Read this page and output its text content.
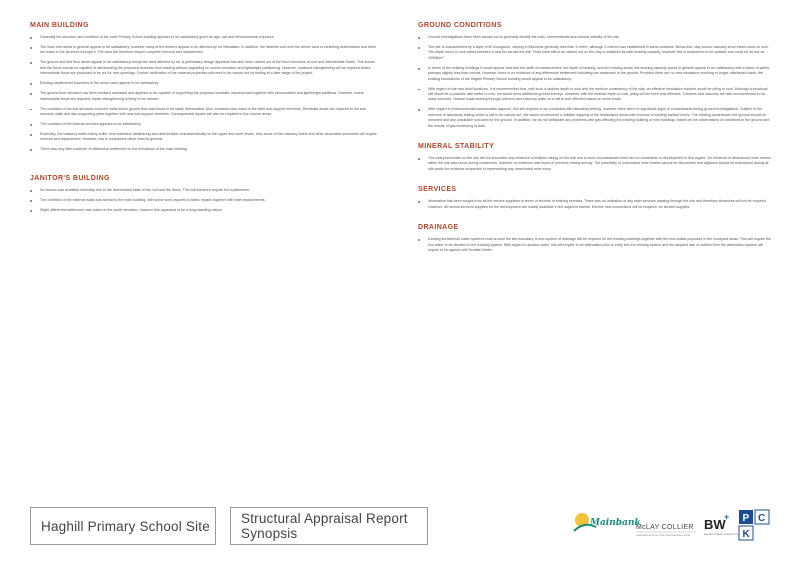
MAIN BUILDING
Generally the structure and condition of the main Primary School building appears to be satisfactory given its age, use and environmental exposure.
The main roof areas in general appear to be satisfactory, however many of the timbers appear to be affected by rot infestation. In addition, the fastener roof over the annex area is exhibiting deterioration and there are leaks to the structure through it. The area will therefore require complete removal and replacement.
The ground and first floor areas appear to be satisfactory except the area affected by rot. A preliminary design appraisal has also been carried out of the floor structures at roof and intermediate levels. This shows that the floors should be capable of withstanding the proposed domestic floor loading without upgrading for sound insulation and lightweight partitioning. However, localised strengthening will be required where intermediate floors are proposed to be cut for new openings. Further verification of the material properties will need to be carried out by testing at a later stage of the project.
Existing cantilevered balconies to the annex area appear to be satisfactory.
The ground floor structure has been similarly assessed and appears to be capable of supporting the proposed domestic imposed load together with demountable and lightweight partitions. However, where intermediate floors are required, repair strengthening is likely to be needed.
The condition of the sub-structure concrete walls below ground floor was found to be badly deteriorated. Also, corrosion was noted in the steel sub-support elements. Remedial works are required to the sub-structure walls and also supporting piers together with new sub-support elements. Consequential repairs will also be required to the column areas.
The condition of the internal services appears to be satisfactory.
Externally, the masonry walls mainly suffer from extensive weathering and deterioration characteristically on the upper and lower levels. Also some of the masonry lintels and other decorative stonework will require removal and replacement. However, this is considered rather than its general.
There was very little evidence of differential settlement on the elevations of the main building.
JANITOR'S BUILDING
No access was available internally due to the deteriorated state of the roof and the floors. This will therefore require full replacement.
The condition of the external walls was similar to the main building, with some work required to fabric repairs together with lintel replacements.
Slight differential settlement was noted on the south elevation, however this appeared to be a long-standing nature.
GROUND CONDITIONS
Ground Investigations have been carried out to generally identify the soils, environmental and mineral stability of the site.
The site is characterised by a layer of fill throughout, varying in thickness generally less than 1 metre, although 3 metres was established in some locations. Below this, clay occurs naturally at an extent down to rock. The depth down to rock varies between 6 and 8m across the site. Tests have still to be carried out on the clay to establish its safe bearing capacity, however this is considered to be suitable and could be as low as 100kN/m².
In terms of the existing buildings it would appear that with the width of measurement, the depth of bearing, and the existing strata, the bearing capacity would in general appear to be satisfactory with a factor of safety perhaps slightly less than normal. However, there is no evidence of any differential settlement indicating low weakness in the ground. Provided there are no new elevations resulting in longer-distributed loads, the existing foundations of the Haghill Primary School building would appear to be satisfactory.
With regard to the new build locations, it is recommended that, with such a shallow depth to rock and the medium consistency of the clay, an effective foundation solution would be piling to rock. Although a structural raft would be a possible alternative to rock, we would need additional ground surveys. However, with the shallow depth to rock, piling will be more cost effective. Columns and masonry are also recommended to be mass concrete. Normal loads bearing through columns and masonry walls on a raft is cost effective based on some loads.
With regard to environmental/contamination aspects, this still requires to be concluded with laboratory testing, however there were no significant signs of contaminants during ground investigations. Subject to the outcome of laboratory testing which is still to be carried out. We would recommend a suitable capping of the landscaped areas with removal of existing banked levels. The existing stone/brown the ground should be removed and any unsuitable soil used for the ground. In addition, we do not anticipate any problems with gas affecting the existing building or new buildings, based on the observations of conditions in the ground and the results of gas monitoring to date.
MINERAL STABILITY
The rotary boreholes on the site did not encounter any evidence of shallow mining on the site and in such circumstances there are no constraints to development in this regard. No evidence of abandoned mine entries within the site was found during researches, however no evidence was found of previous mining activity. The possibility of unrecorded mine entries cannot be discounted and vigilance should be maintained during all site works for evidence suspected of representing any unrecorded mine entry.
SERVICES
Information has been sought from all the service suppliers in terms of records of existing services. There was no indication of any main services passing through the site and therefore diversions will not be required. However, all normal services supplies for the development are readily available in the adjacent streets. Electric new connections will be required, for service supplies.
DRAINAGE
Existing surface/foul water systems exist around the site boundary. A new system of drainage will be required for the existing buildings together with the new builds proposed in the courtyard areas. This will require the foul water to be directed to the existing system. With regard to surface water, this will require to be attenuated prior to entry into the existing system and the adopted rate of outflow from the attenuation system will require to be agreed with Scottish Water.
Haghill Primary School Site	Structural Appraisal Report Synopsis
Mainbank
McLAY COLLIER
LANDSCAPE ARCHITECTURE ENVIRONMENTAL DESIGN
BW
+
BLACKWOOD WALSH LTD ARCHITECTS
P C
K
